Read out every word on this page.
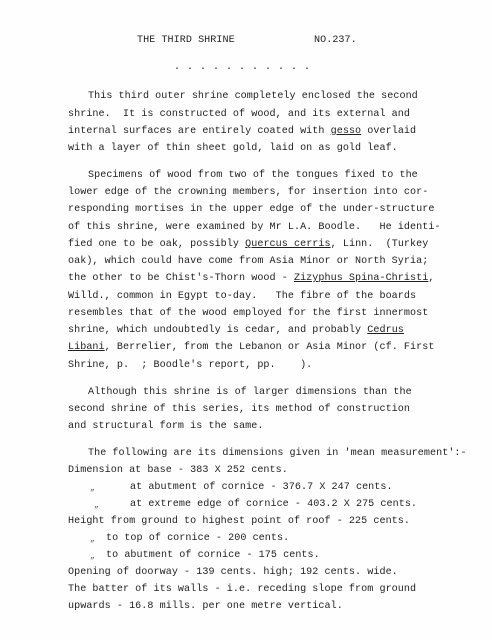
THE THIRD SHRINE	NO.237.
. . . . . . . . . . .
This third outer shrine completely enclosed the second
shrine.  It is constructed of wood, and its external and
internal surfaces are entirely coated with gesso overlaid
with a layer of thin sheet gold, laid on as gold leaf.
Specimens of wood from two of the tongues fixed to the
lower edge of the crowning members, for insertion into cor-
responding mortises in the upper edge of the under-structure
of this shrine, were examined by Mr L.A. Boodle.   He identi-
fied one to be oak, possibly Quercus cerris, Linn.  (Turkey
oak), which could have come from Asia Minor or North Syria;
the other to be Chist's-Thorn wood - Zizyphus Spina-Christi,
Willd., common in Egypt to-day.   The fibre of the boards
resembles that of the wood employed for the first innermost
shrine, which undoubtedly is cedar, and probably Cedrus
Libani, Berrelier, from the Lebanon or Asia Minor (cf. First
Shrine, p.  ; Boodle's report, pp.    ).
Although this shrine is of larger dimensions than the
second shrine of this series, its method of construction
and structural form is the same.
The following are its dimensions given in 'mean measurement':-
Dimension at base - 383 X 252 cents.
„	at abutment of cornice - 376.7 X 247 cents.
„	at extreme edge of cornice - 403.2 X 275 cents.
Height from ground to highest point of roof - 225 cents.
„ to top of cornice - 200 cents.
„ to abutment of cornice - 175 cents.
Opening of doorway - 139 cents. high; 192 cents. wide.
The batter of its walls - i.e. receding slope from ground
upwards - 16.8 mills. per one metre vertical.
